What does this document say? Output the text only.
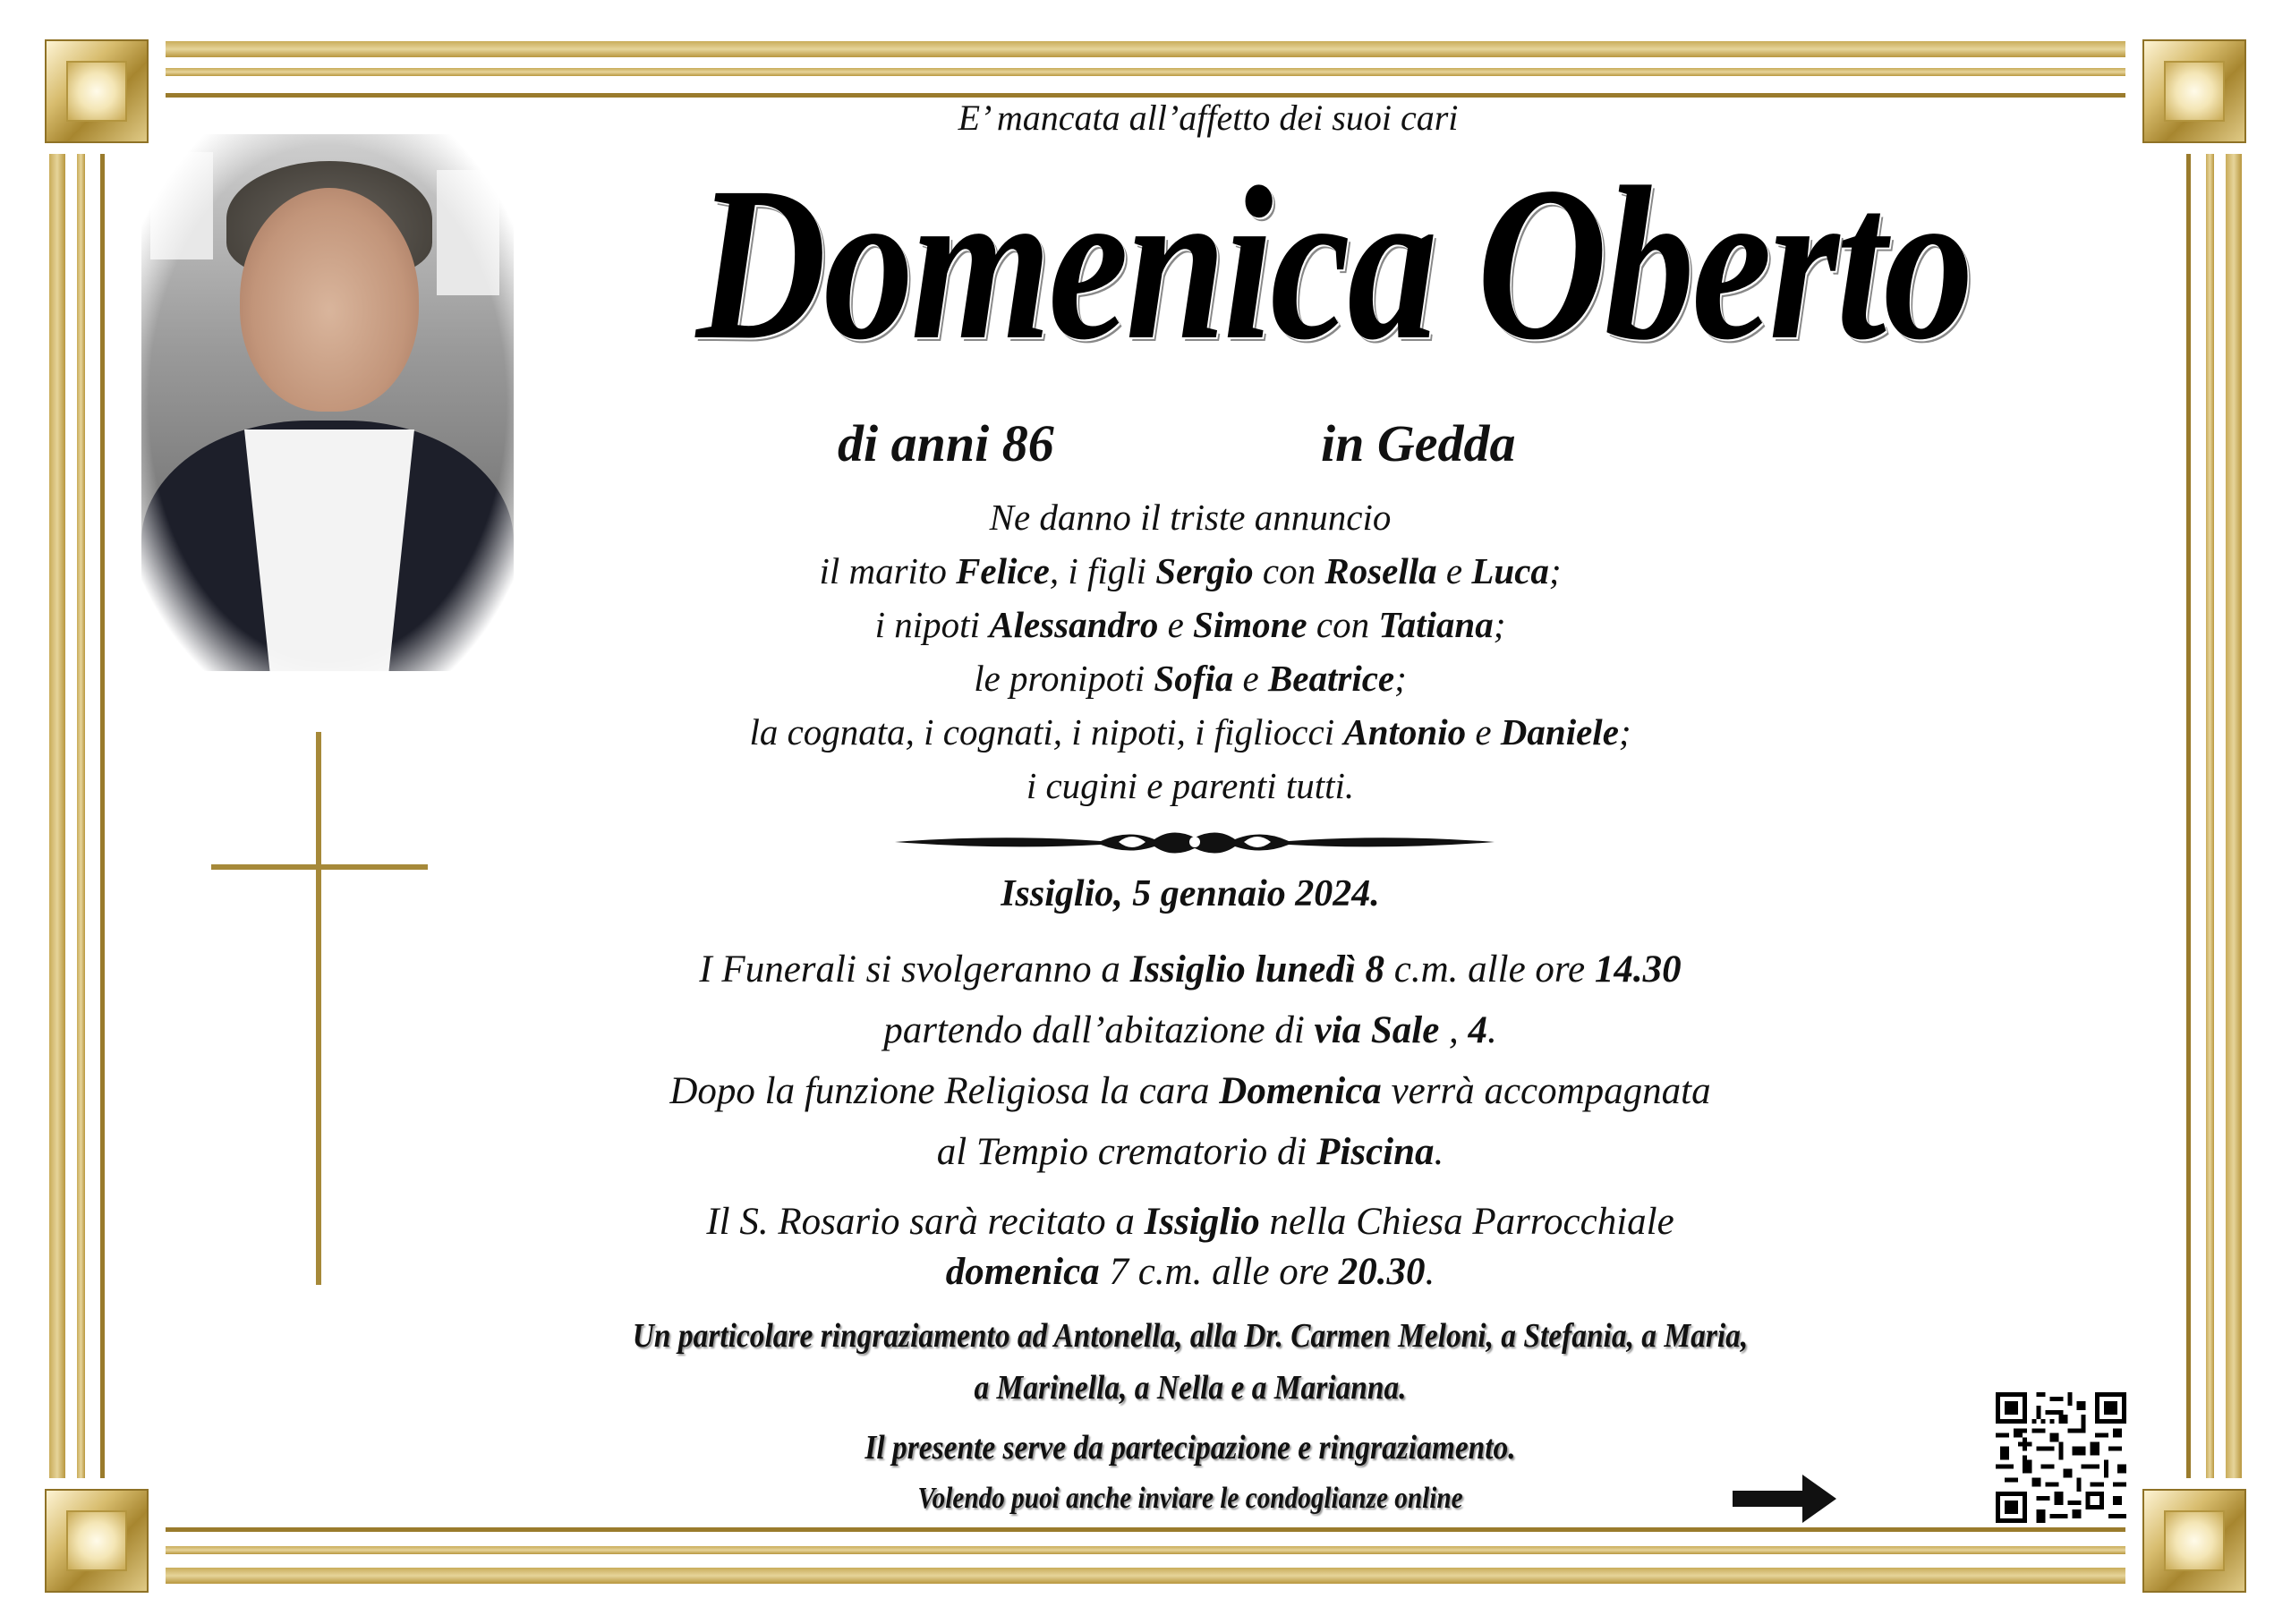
E’ mancata all’affetto dei suoi cari
Domenica Oberto
di anni 86	in Gedda
Ne danno il triste annuncio
il marito Felice, i figli Sergio con Rosella e Luca;
i nipoti Alessandro e Simone con Tatiana;
le pronipoti Sofia e Beatrice;
la cognata, i cognati, i nipoti, i figliocci Antonio e Daniele;
i cugini e parenti tutti.
Issiglio, 5 gennaio 2024.
I Funerali si svolgeranno a Issiglio lunedì 8 c.m. alle ore 14.30
partendo dall’abitazione di via Sale , 4.
Dopo la funzione Religiosa la cara Domenica verrà accompagnata
al Tempio crematorio di Piscina.
Il S. Rosario sarà recitato a Issiglio nella Chiesa Parrocchiale
domenica 7 c.m. alle ore 20.30.
Un particolare ringraziamento ad Antonella, alla Dr. Carmen Meloni, a Stefania, a Maria,
a Marinella, a Nella e a Marianna.
Il presente serve da partecipazione e ringraziamento.
Volendo puoi anche inviare le condoglianze online
